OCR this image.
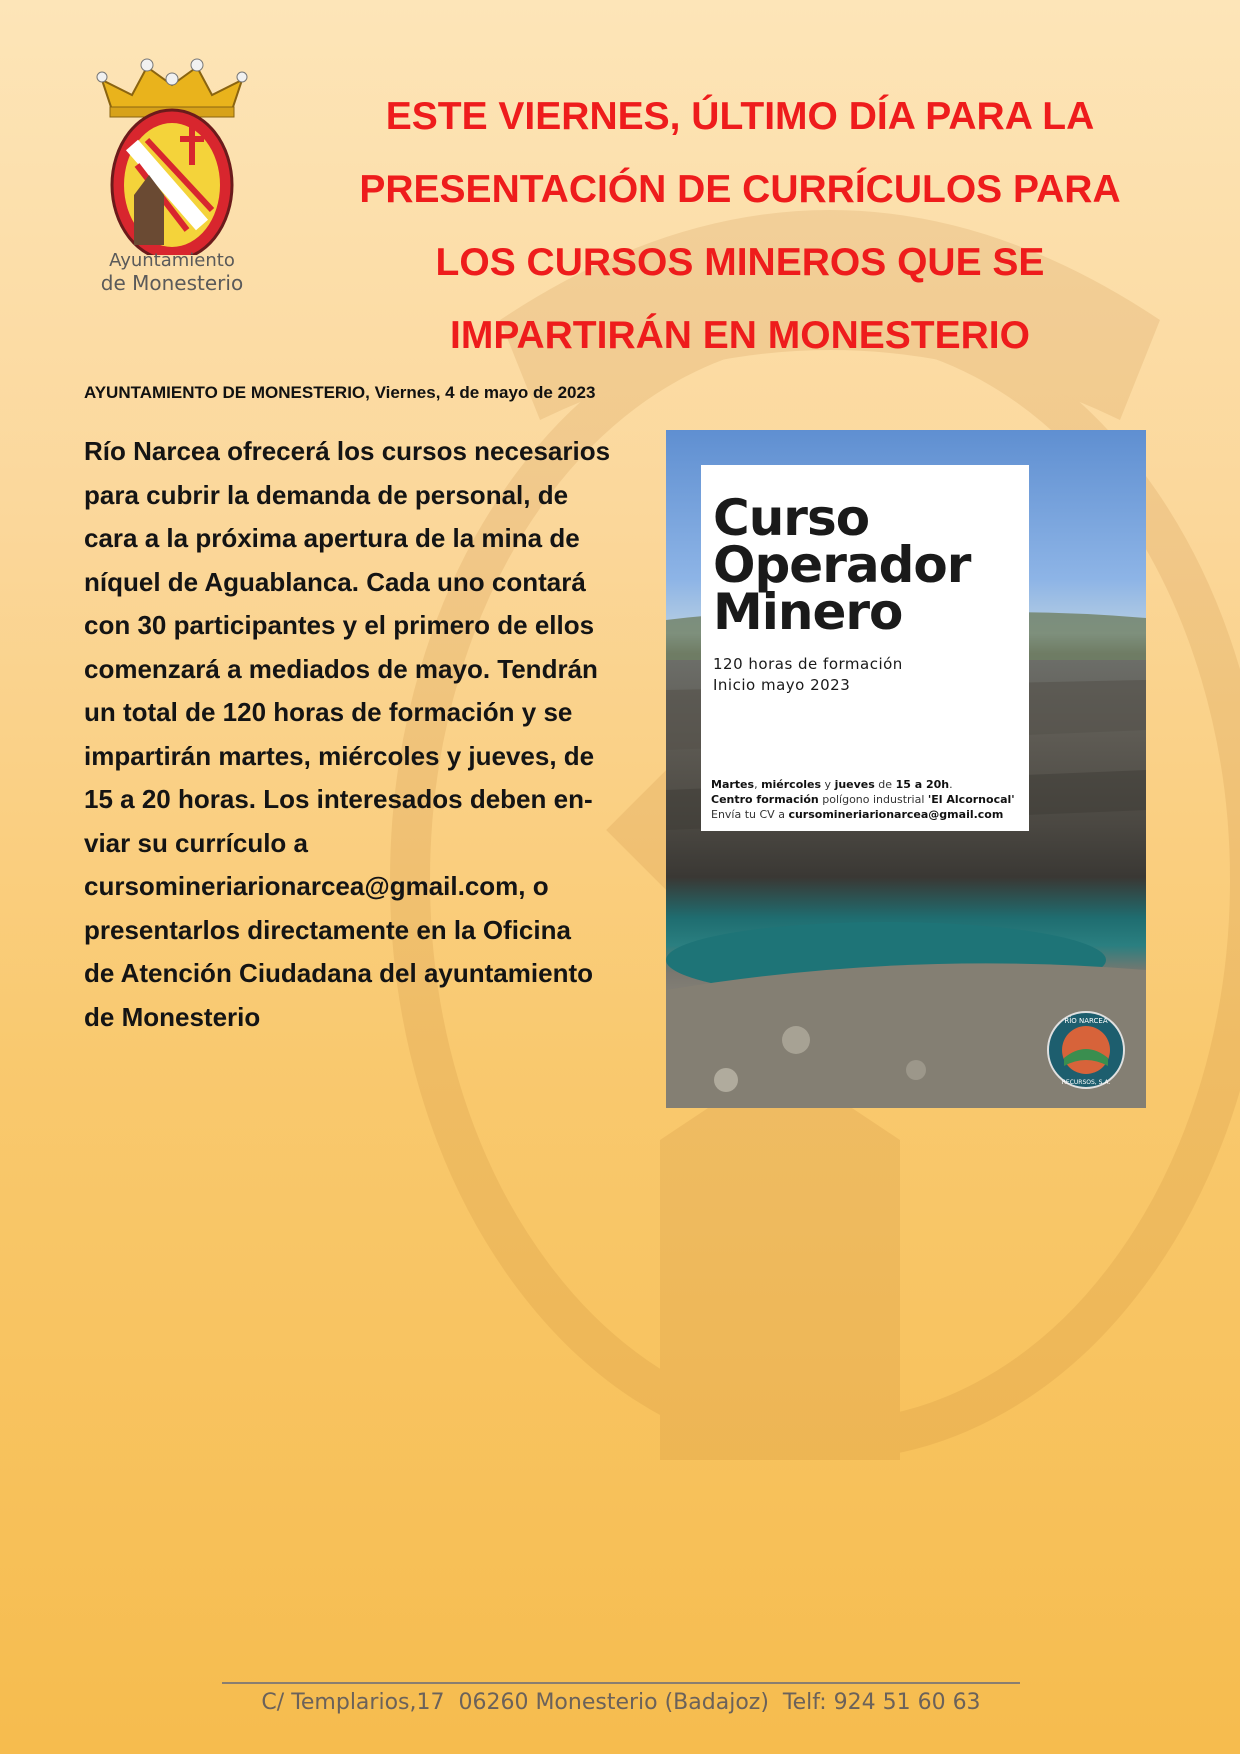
Ayuntamiento
de Monesterio
ESTE VIERNES, ÚLTIMO DÍA PARA LA
PRESENTACIÓN DE CURRÍCULOS PARA
LOS CURSOS MINEROS QUE SE
IMPARTIRÁN EN MONESTERIO
AYUNTAMIENTO DE MONESTERIO, Viernes, 4 de mayo de 2023

Río Narcea ofrecerá los cursos necesarios
para cubrir la demanda de personal, de
cara a la próxima apertura de la mina de
níquel de Aguablanca. Cada uno contará
con 30 participantes y el primero de ellos
comenzará a mediados de mayo. Tendrán
un total de 120 horas de formación y se
impartirán martes, miércoles y jueves, de
15 a 20 horas. Los interesados deben en-
viar su currículo a
cursomineriarionarcea@gmail.com, o
presentarlos directamente en la Oficina
de Atención Ciudadana del ayuntamiento
de Monesterio

Curso
Operador
Minero
120 horas de formación
Inicio mayo 2023
Martes, miércoles y jueves de 15 a 20h.
Centro formación polígono industrial 'El Alcornocal'
Envía tu CV a cursomineriarionarcea@gmail.com
RÍO NARCEA
RECURSOS, S.A.
C/ Templarios,17  06260 Monesterio (Badajoz)  Telf: 924 51 60 63
